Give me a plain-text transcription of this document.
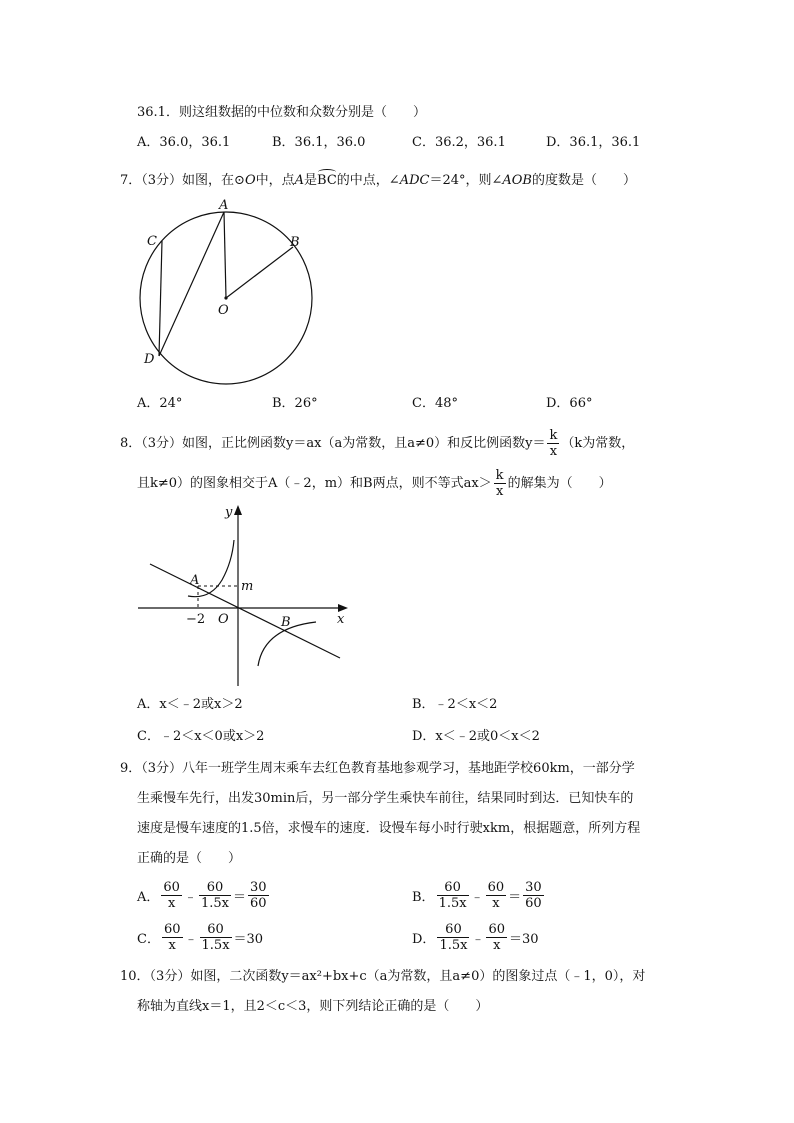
36.1．则这组数据的中位数和众数分别是（　　）
A．36.0，36.1	B．36.1，36.0	C．36.2，36.1	D．36.1，36.1
7．（3分）如图，在⊙O中，点A是BC的中点，∠ADC＝24°，则∠AOB的度数是（　　）
A
B
C
D
O
A．24°	B．26°	C．48°	D．66°
8．（3分）如图，正比例函数y＝ax（a为常数，且a≠0）和反比例函数$y= \frac{k}{x} (k$为常数，
且k≠0）的图象相交于A（﹣2，m）和B两点，则不等式$ax> \frac{k}{x}$ 的解集为（　　）
y
x
A
B
O
m
−2
A．x＜﹣2或x＞2	B．﹣2＜x＜2
C．﹣2＜x＜0或x＞2	D．x＜﹣2或0＜x＜2
9．（3分）八年一班学生周末乘车去红色教育基地参观学习，基地距学校60km，一部分学
生乘慢车先行，出发30min后，另一部分学生乘快车前往，结果同时到达．已知快车的
速度是慢车速度的1.5倍，求慢车的速度．设慢车每小时行驶xkm，根据题意，所列方程
正确的是（　　）
A． $\frac{60}{x}$ ﹣ $\frac{60}{1.5x} = \frac{30}{60}$	B． $\frac{60}{1.5x}$ ﹣ $\frac{60}{x} = \frac{30}{60}$
C． $\frac{60}{x}$ ﹣ $\frac{60}{1.5x} =30$	D． $\frac{60}{1.5x}$ ﹣ $\frac{60}{x} =30$
10．（3分）如图，二次函数y＝ax²+bx+c（a为常数，且a≠0）的图象过点（﹣1，0），对
称轴为直线x＝1，且2＜c＜3，则下列结论正确的是（　　）
